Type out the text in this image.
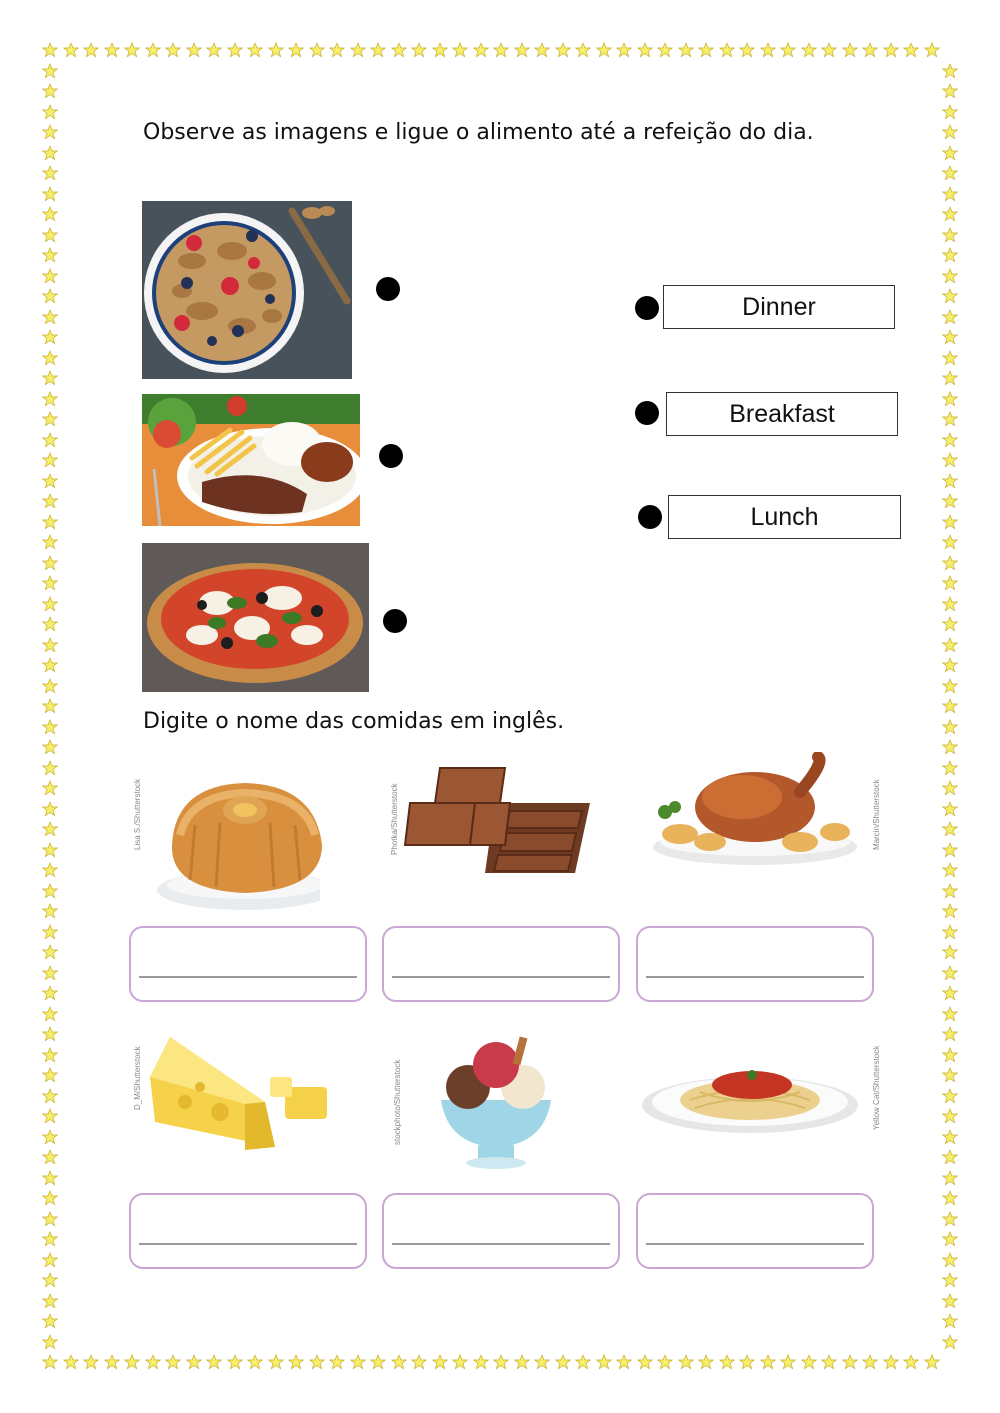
Observe as imagens e ligue o alimento até a refeição do dia.
Dinner
Breakfast
Lunch
Digite o nome das comidas em inglês.
Lisa S./Shutterstock	Photka/Shutterstock	Marcin/Shutterstock
D_M/Shutterstock	stockphoto/Shutterstock	Yellow Cat/Shutterstock
